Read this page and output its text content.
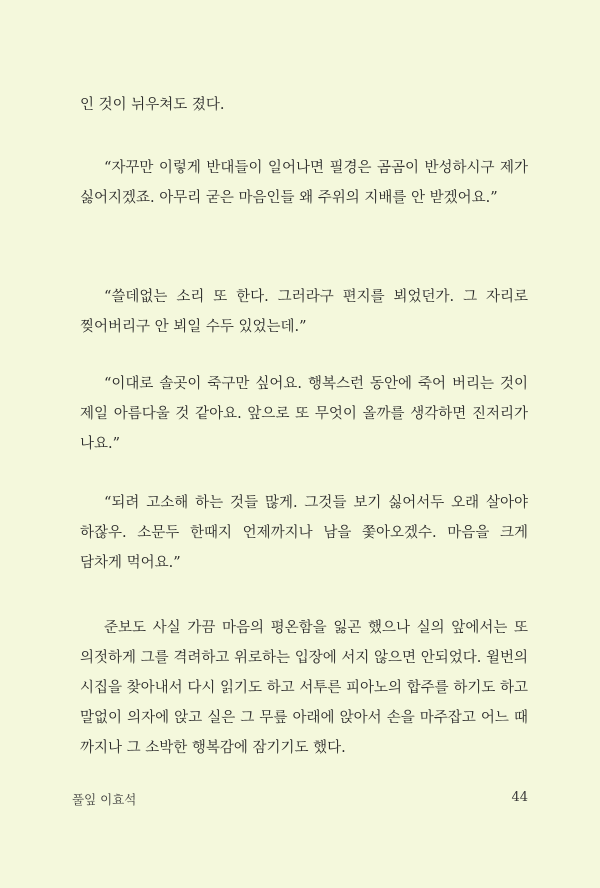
인 것이 뉘우쳐도 졌다.

“자꾸만 이렇게 반대들이 일어나면 필경은 곰곰이 반성하시구 제가 싫어지겠죠. 아무리 굳은 마음인들 왜 주위의 지배를 안 받겠어요.”

“쓸데없는 소리 또 한다. 그러라구 편지를 뵈었던가. 그 자리로 찢어버리구 안 뵈일 수두 있었는데.”

“이대로 솔곳이 죽구만 싶어요. 행복스런 동안에 죽어 버리는 것이 제일 아름다울 것 같아요. 앞으로 또 무엇이 올까를 생각하면 진저리가 나요.”

“되려 고소해 하는 것들 많게. 그것들 보기 싫어서두 오래 살아야 하잖우. 소문두 한때지 언제까지나 남을 쫓아오겠수. 마음을 크게 담차게 먹어요.”

준보도 사실 가끔 마음의 평온함을 잃곤 했으나 실의 앞에서는 또 의젓하게 그를 격려하고 위로하는 입장에 서지 않으면 안되었다. 윌번의 시집을 찾아내서 다시 읽기도 하고 서투른 피아노의 합주를 하기도 하고 말없이 의자에 앉고 실은 그 무릎 아래에 앉아서 손을 마주잡고 어느 때 까지나 그 소박한 행복감에 잠기기도 했다.

풀잎 이효석	44
